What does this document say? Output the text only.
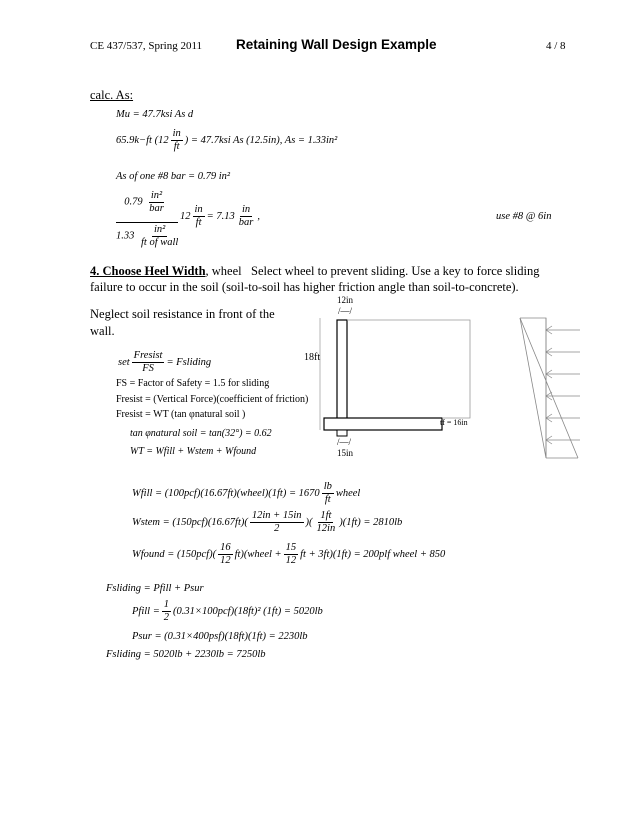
CE 437/537, Spring 2011	Retaining Wall Design Example	4 / 8
calc. As:
Mu = 47.7ksi As d
65.9k−ft ($12 \frac{in}{ft}$ ) = 47.7ksi As (12.5in), As = 1.33in²
As of one #8 bar = 0.79 in²
$0.79 \frac{\text{in²}}{\text{bar}}$
$1.33 \frac{\text{in²}}{\text{ft of wall}}$
$12 \frac{in}{ft} = 7.13 \frac{in}{\text{bar}}$ ,	use #8 @ 6in
4. Choose Heel Width, wheel Select wheel to prevent sliding. Use a key to force sliding
failure to occur in the soil (soil-to-soil has higher friction angle than soil-to-concrete).
Neglect soil resistance in front of the
wall.
set $\frac{\text{Fresist}}{FS}$ = Fsliding
FS = Factor of Safety = 1.5 for sliding
Fresist = (Vertical Force)(coefficient of friction)
Fresist = WT (tan φnatural soil )
tan φnatural soil = tan(32°) = 0.62
WT = Wfill + Wstem + Wfound
Wfill = (100pcf)(16.67ft)(wheel)(1ft) = $1670 \frac{lb}{ft}$ wheel
Wstem = $(150pcf)(16.67ft)( \frac{12in + 15in}{2}$ )( $\frac{1ft}{12in} )(1ft) = 2810lb$
Wfound = $(150pcf)( \frac{16}{12}$ ft)(wheel + $\frac{15}{12}$ ft + 3ft)(1ft) = 200plf wheel + 850
Fsliding = Pfill + Psur
Pfill = $\frac{1}{2} (0.31\times 100pcf)(18ft)^2$ (1ft) = 5020lb
Psur = (0.31×400psf)(18ft)(1ft) = 2230lb
Fsliding = 5020lb + 2230lb = 7250lb
12in
/—/
18ft
tf = 16in
/—/
15in
